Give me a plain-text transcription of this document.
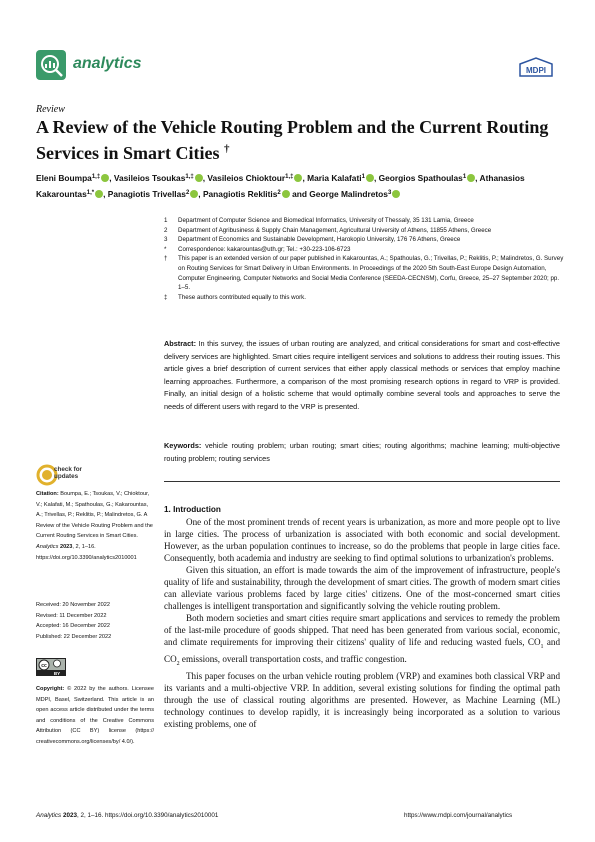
analytics	MDPI
Review
A Review of the Vehicle Routing Problem and the Current Routing Services in Smart Cities †
Eleni Boumpa$^{1,\ddagger}$ , Vasileios Tsoukas$^{1,\ddagger}$ , Vasileios Chioktour$^{1,\ddagger}$ , Maria Kalafati$^1$ , Georgios Spathoulas$^1$ , Athanasios Kakarountas$^{1,*}$ , Panagiotis Trivellas$^2$ , Panagiotis Reklitis$^2$ and George Malindretos$^3$
1 Department of Computer Science and Biomedical Informatics, University of Thessaly, 35 131 Lamia, Greece
2 Department of Agribusiness & Supply Chain Management, Agricultural University of Athens, 11855 Athens, Greece
3 Department of Economics and Sustainable Development, Harokopio University, 176 76 Athens, Greece
* Correspondence: kakarountas@uth.gr; Tel.: +30-223-106-6723
† This paper is an extended version of our paper published in Kakarountas, A.; Spathoulas, G.; Trivellas, P.; Reklitis, P.; Malindretos, G. Survey on Routing Services for Smart Delivery in Urban Environments. In Proceedings of the 2020 5th South-East Europe Design Automation, Computer Engineering, Computer Networks and Social Media Conference (SEEDA-CECNSM), Corfu, Greece, 25–27 September 2020; pp. 1–5.
‡ These authors contributed equally to this work.
Abstract: In this survey, the issues of urban routing are analyzed, and critical considerations for smart and cost-effective delivery services are highlighted. Smart cities require intelligent services and solutions to address their routing issues. This article gives a brief description of current services that either apply classical methods or services that employ machine learning approaches. Furthermore, a comparison of the most promising research options in regard to VRP is provided. Finally, an initial design of a holistic scheme that would optimally combine several tools and approaches to serve the needs of different users with regard to the VRP is presented.
Keywords: vehicle routing problem; urban routing; smart cities; routing algorithms; machine learning; multi-objective routing problem; routing services
check for
updates
Citation: Boumpa, E.; Tsoukas, V.; Chioktour, V.; Kalafati, M.; Spathoulas, G.; Kakarountas, A.; Trivellas, P.; Reklitis, P.; Malindretos, G. A Review of the Vehicle Routing Problem and the Current Routing Services in Smart Cities. Analytics 2023, 2, 1–16. https://doi.org/10.3390/analytics2010001
Received: 20 November 2022
Revised: 11 December 2022
Accepted: 16 December 2022
Published: 22 December 2022
cc
BY
Copyright: © 2022 by the authors. Licensee MDPI, Basel, Switzerland. This article is an open access article distributed under the terms and conditions of the Creative Commons Attribution (CC BY) license (https:// creativecommons.org/licenses/by/ 4.0/).
1. Introduction

One of the most prominent trends of recent years is urbanization, as more and more people opt to live in large cities. The process of urbanization is associated with both economic and social development. However, as the urban population continues to increase, so do the problems that people in large cities face. Consequently, both academia and industry are seeking to find optimal solutions to urbanization's problems.

Given this situation, an effort is made towards the aim of the improvement of infrastructure, people's quality of life and sustainability, through the development of smart cities. The growth of modern smart cities can alleviate various problems faced by large cities' citizens. One of the most-concerned smart cities challenges is intelligent transportation and significantly solving the vehicle routing problem.

Both modern societies and smart cities require smart applications and services to remedy the problem of the last-mile procedure of goods shipped. That need has been generated from various social, economic, and climate requirements for improving their citizens' quality of life and reducing wasted fuels, $CO_1$ and $CO_2$ emissions, overall transportation costs, and traffic congestion.

This paper focuses on the urban vehicle routing problem (VRP) and examines both classical VRP and its variants and a multi-objective VRP. In addition, several existing solutions for finding the optimal path through the use of classical routing algorithms are presented. However, as Machine Learning (ML) technology continues to develop rapidly, it is increasingly being incorporated as a solution to various existing problems, one of

Analytics 2023, 2, 1–16. https://doi.org/10.3390/analytics2010001	https://www.mdpi.com/journal/analytics
